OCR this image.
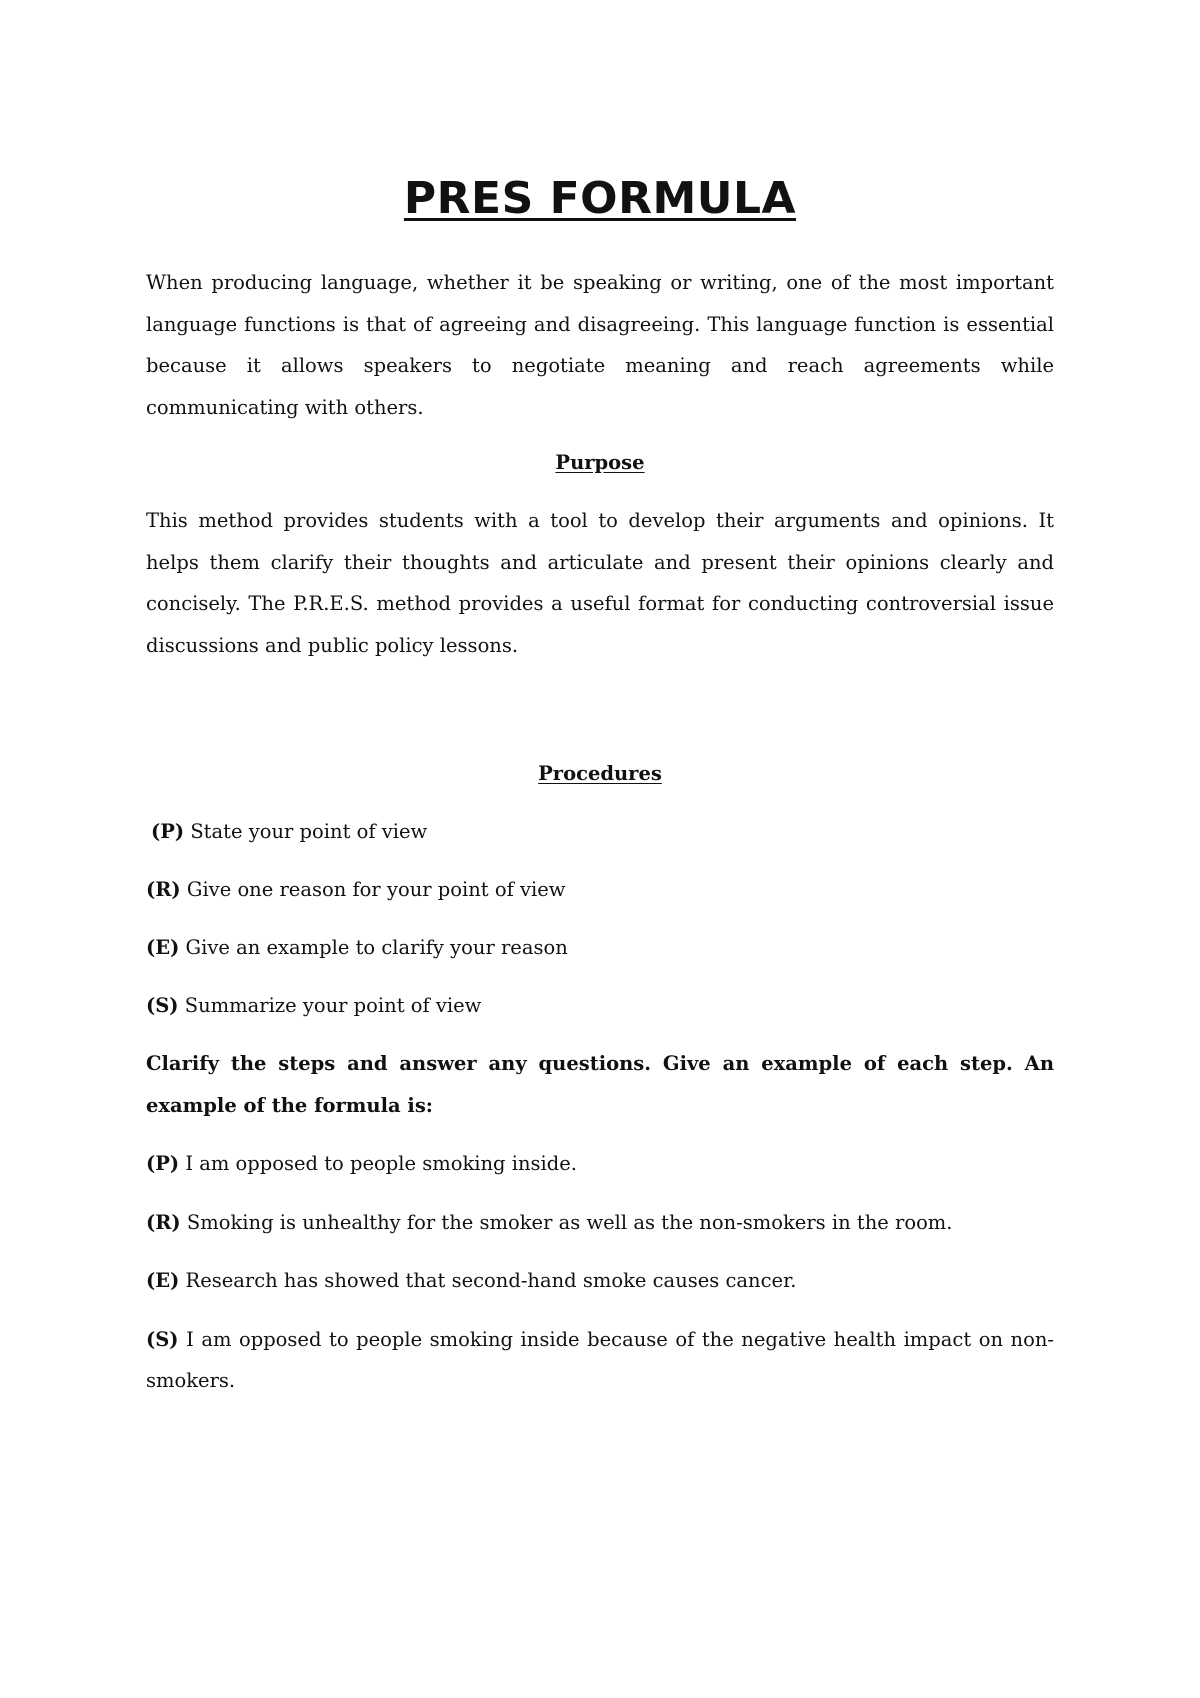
PRES FORMULA

When producing language, whether it be speaking or writing, one of the most important language functions is that of agreeing and disagreeing. This language function is essential because it allows speakers to negotiate meaning and reach agreements while communicating with others.

Purpose

This method provides students with a tool to develop their arguments and opinions. It helps them clarify their thoughts and articulate and present their opinions clearly and concisely. The P.R.E.S. method provides a useful format for conducting controversial issue discussions and public policy lessons.

Procedures

(P) State your point of view
(R) Give one reason for your point of view
(E) Give an example to clarify your reason
(S) Summarize your point of view

Clarify the steps and answer any questions. Give an example of each step. An example of the formula is:

(P) I am opposed to people smoking inside.
(R) Smoking is unhealthy for the smoker as well as the non-smokers in the room.
(E) Research has showed that second-hand smoke causes cancer.
(S) I am opposed to people smoking inside because of the negative health impact on non-smokers.
